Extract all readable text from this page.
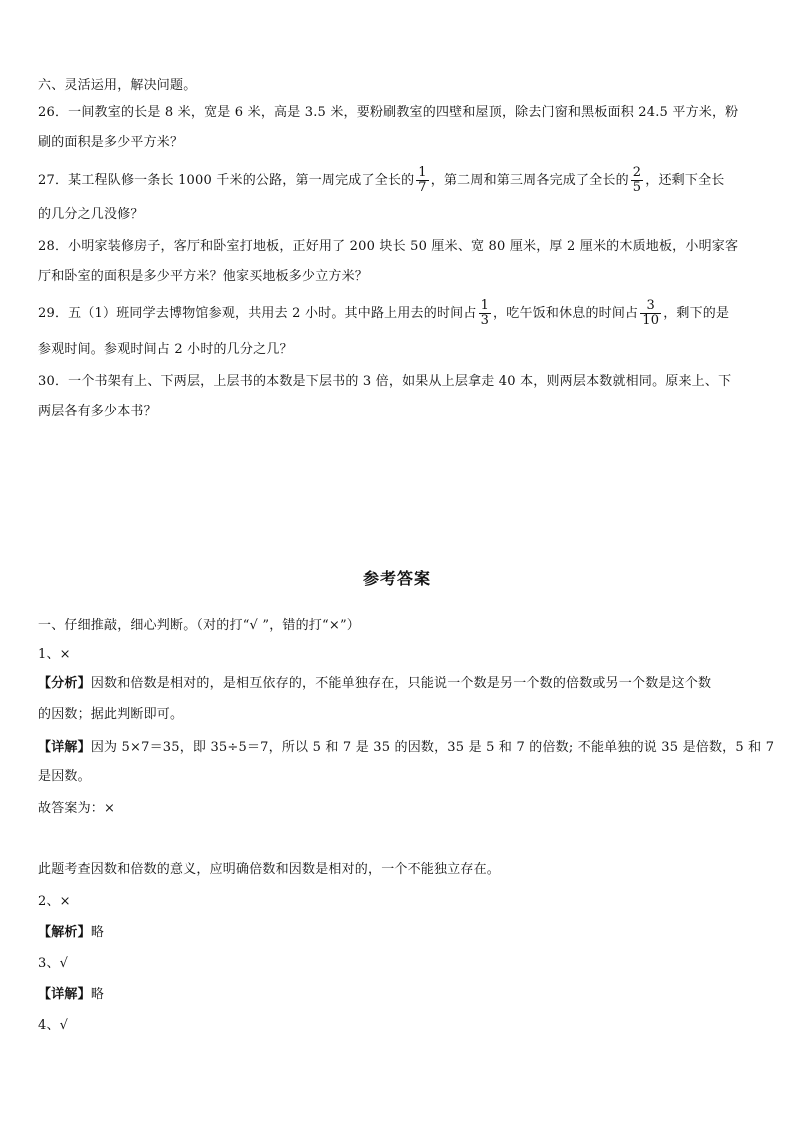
六、灵活运用，解决问题。
26．一间教室的长是 8 米，宽是 6 米，高是 3.5 米，要粉刷教室的四壁和屋顶，除去门窗和黑板面积 24.5 平方米，粉
刷的面积是多少平方米？
27．某工程队修一条长 1000 千米的公路，第一周完成了全长的 $\frac{1}{7}$ ，第二周和第三周各完成了全长的 $\frac{2}{5}$ ，还剩下全长
的几分之几没修？
28．小明家装修房子，客厅和卧室打地板，正好用了 200 块长 50 厘米、宽 80 厘米，厚 2 厘米的木质地板，小明家客
厅和卧室的面积是多少平方米？他家买地板多少立方米？
29．五（1）班同学去博物馆参观，共用去 2 小时。其中路上用去的时间占 $\frac{1}{3}$ ，吃午饭和休息的时间占 $\frac{3}{10}$ ，剩下的是
参观时间。参观时间占 2 小时的几分之几？
30．一个书架有上、下两层，上层书的本数是下层书的 3 倍，如果从上层拿走 40 本，则两层本数就相同。原来上、下
两层各有多少本书？
参考答案
一、仔细推敲，细心判断。（对的打“√ ”，错的打“×”）
1、×
【分析】因数和倍数是相对的，是相互依存的，不能单独存在，只能说一个数是另一个数的倍数或另一个数是这个数
的因数；据此判断即可。
【详解】因为 5×7＝35，即 35÷5＝7，所以 5 和 7 是 35 的因数，35 是 5 和 7 的倍数; 不能单独的说 35 是倍数，5 和 7
是因数。
故答案为：×
此题考查因数和倍数的意义，应明确倍数和因数是相对的，一个不能独立存在。
2、×
【解析】略
3、√
【详解】略
4、√
